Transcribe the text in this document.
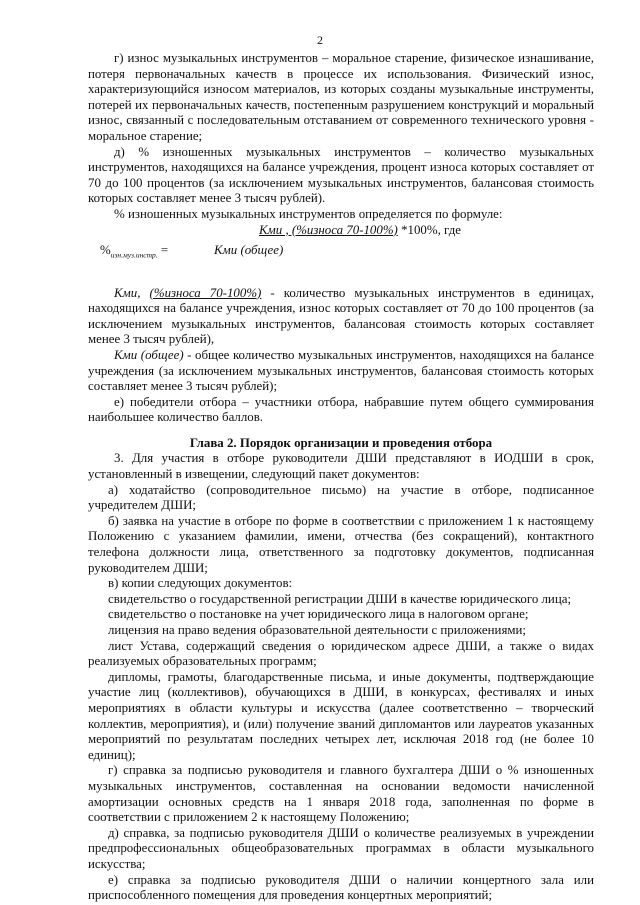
2

г) износ музыкальных инструментов – моральное старение, физическое изнашивание, потеря первоначальных качеств в процессе их использования. Физический износ, характеризующийся износом материалов, из которых созданы музыкальные инструменты, потерей их первоначальных качеств, постепенным разрушением конструкций и моральный износ, связанный с последовательным отставанием от современного технического уровня - моральное старение;

д) % изношенных музыкальных инструментов – количество музыкальных инструментов, находящихся на балансе учреждения, процент износа которых составляет от 70 до 100 процентов (за исключением музыкальных инструментов, балансовая стоимость которых составляет менее 3 тысяч рублей).

% изношенных музыкальных инструментов определяется по формуле:

Кми , (%износа 70-100%) *100%, где
$\%_{изн.муз.инстр.}$ =	Кми (общее)

Кми, (%износа 70-100%) - количество музыкальных инструментов в единицах, находящихся на балансе учреждения, износ которых составляет от 70 до 100 процентов (за исключением музыкальных инструментов, балансовая стоимость которых составляет менее 3 тысяч рублей),

Кми (общее) - общее количество музыкальных инструментов, находящихся на балансе учреждения (за исключением музыкальных инструментов, балансовая стоимость которых составляет менее 3 тысяч рублей);

е) победители отбора – участники отбора, набравшие путем общего суммирования наибольшее количество баллов.

Глава 2. Порядок организации и проведения отбора

3. Для участия в отборе руководители ДШИ представляют в ИОДШИ в срок, установленный в извещении, следующий пакет документов:

а) ходатайство (сопроводительное письмо) на участие в отборе, подписанное учредителем ДШИ;

б) заявка на участие в отборе по форме в соответствии с приложением 1 к настоящему Положению с указанием фамилии, имени, отчества (без сокращений), контактного телефона должности лица, ответственного за подготовку документов, подписанная руководителем ДШИ;

в) копии следующих документов:

свидетельство о государственной регистрации ДШИ в качестве юридического лица;

свидетельство о постановке на учет юридического лица в налоговом органе;

лицензия на право ведения образовательной деятельности с приложениями;

лист Устава, содержащий сведения о юридическом адресе ДШИ, а также о видах реализуемых образовательных программ;

дипломы, грамоты, благодарственные письма, и иные документы, подтверждающие участие лиц (коллективов), обучающихся в ДШИ, в конкурсах, фестивалях и иных мероприятиях в области культуры и искусства (далее соответственно – творческий коллектив, мероприятия), и (или) получение званий дипломантов или лауреатов указанных мероприятий по результатам последних четырех лет, исключая 2018 год (не более 10 единиц);

г) справка за подписью руководителя и главного бухгалтера ДШИ о % изношенных музыкальных инструментов, составленная на основании ведомости начисленной амортизации основных средств на 1 января 2018 года, заполненная по форме в соответствии с приложением 2 к настоящему Положению;

д) справка, за подписью руководителя ДШИ о количестве реализуемых в учреждении предпрофессиональных общеобразовательных программах в области музыкального искусства;

е) справка за подписью руководителя ДШИ о наличии концертного зала или приспособленного помещения для проведения концертных мероприятий;
